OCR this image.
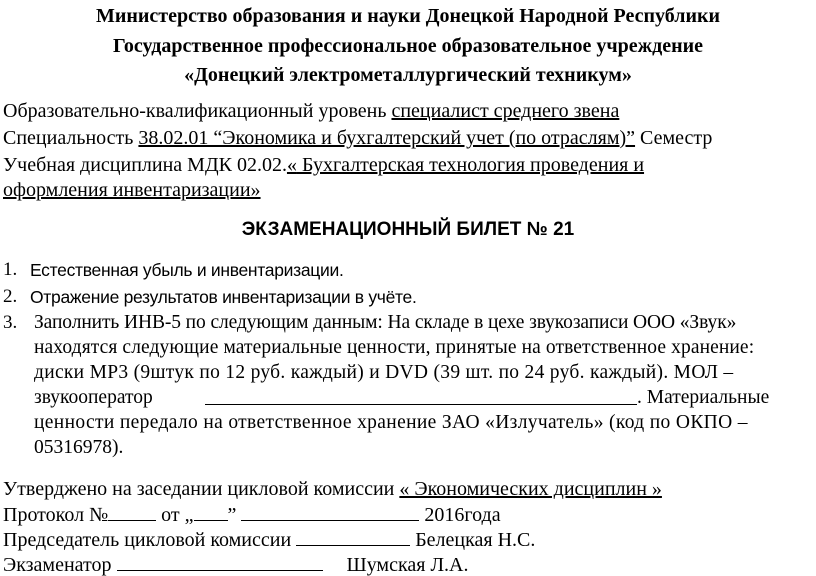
Министерство образования и науки Донецкой Народной Республики
Государственное профессиональное образовательное учреждение
«Донецкий электрометаллургический техникум»
Образовательно-квалификационный уровень специалист среднего звена
Специальность 38.02.01 “Экономика и бухгалтерский учет (по отраслям)” Семестр
Учебная дисциплина МДК 02.02.« Бухгалтерская технология проведения и
оформления инвентаризации»
ЭКЗАМЕНАЦИОННЫЙ БИЛЕТ № 21
1. Естественная убыль и инвентаризации.
2. Отражение результатов инвентаризации в учёте.
3. Заполнить ИНВ-5 по следующим данным: На складе в цехе звукозаписи ООО «Звук»
находятся следующие материальные ценности, принятые на ответственное хранение:
диски МР3 (9штук по 12 руб. каждый) и DVD (39 шт. по 24 руб. каждый). МОЛ –
звукооператор	. Материальные
ценности передало на ответственное хранение ЗАО «Излучатель» (код по ОКПО –
05316978).
Утверджено на заседании цикловой комиссии « Экономических дисциплин »
Протокол № от „ ”	2016года
Председатель цикловой комиссии	Белецкая Н.С.
Экзаменатор	Шумская Л.А.
